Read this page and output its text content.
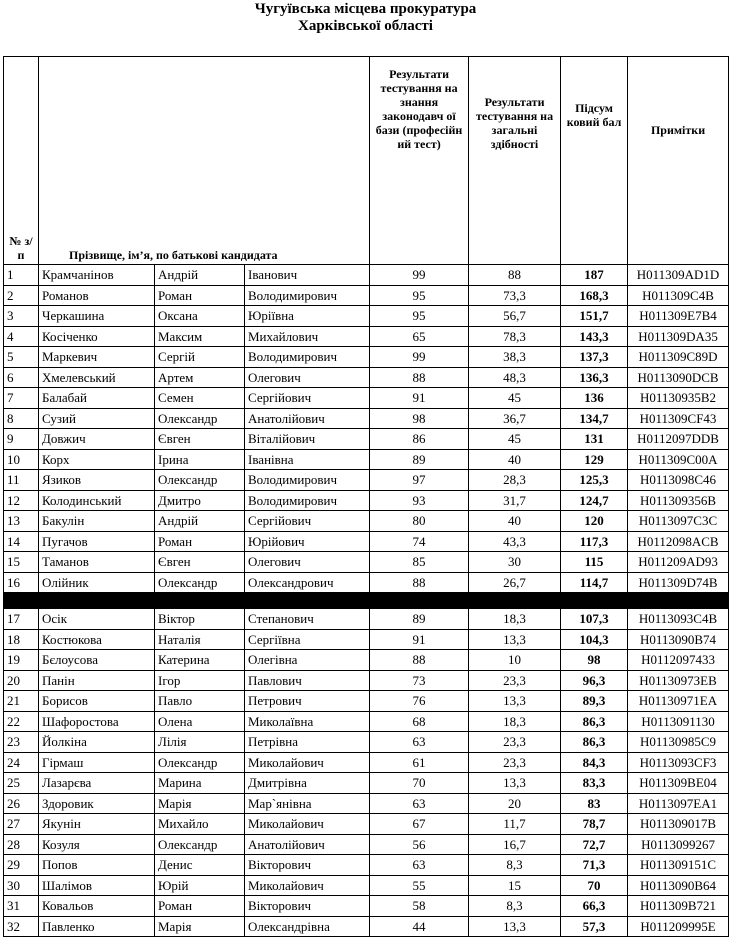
Чугуївська місцева прокуратура
Харківської області
№ з/п	Прізвище, ім’я, по батькові кандидата			Результати тестування на знання законодавч ої бази (професійн ий тест)	Результати тестування на загальні здібності	Підсум ковий бал	Примітки
1	Крамчанінов	Андрій	Іванович	99	88	187	Н011309AD1D
2	Романов	Роман	Володимирович	95	73,3	168,3	Н011309C4B
3	Черкашина	Оксана	Юріївна	95	56,7	151,7	Н011309E7B4
4	Косіченко	Максим	Михайлович	65	78,3	143,3	Н011309DA35
5	Маркевич	Сергій	Володимирович	99	38,3	137,3	Н011309C89D
6	Хмелевський	Артем	Олегович	88	48,3	136,3	Н0113090DCB
7	Балабай	Семен	Сергійович	91	45	136	Н01130935B2
8	Сузий	Олександр	Анатолійович	98	36,7	134,7	Н011309CF43
9	Довжич	Євген	Віталійович	86	45	131	Н0112097DDB
10	Корх	Ірина	Іванівна	89	40	129	Н011309C00A
11	Язиков	Олександр	Володимирович	97	28,3	125,3	Н0113098C46
12	Колодинський	Дмитро	Володимирович	93	31,7	124,7	Н011309356B
13	Бакулін	Андрій	Сергійович	80	40	120	Н0113097C3C
14	Пугачов	Роман	Юрійович	74	43,3	117,3	Н0112098ACB
15	Таманов	Євген	Олегович	85	30	115	Н011209AD93
16	Олійник	Олександр	Олександрович	88	26,7	114,7	Н011309D74B

17	Осік	Віктор	Степанович	89	18,3	107,3	Н0113093C4B
18	Костюкова	Наталія	Сергіївна	91	13,3	104,3	Н0113090B74
19	Бєлоусова	Катерина	Олегівна	88	10	98	Н0112097433
20	Панін	Ігор	Павлович	73	23,3	96,3	Н0113097ЗЕВ
21	Борисов	Павло	Петрович	76	13,3	89,3	Н01130971ЕА
22	Шафоростова	Олена	Миколаївна	68	18,3	86,3	Н0113091130
23	Йолкіна	Лілія	Петрівна	63	23,3	86,3	Н01130985C9
24	Гірмаш	Олександр	Миколайович	61	23,3	84,3	Н0113093CF3
25	Лазарєва	Марина	Дмитрівна	70	13,3	83,3	Н011309BE04
26	Здоровик	Марія	Мар`янівна	63	20	83	Н0113097EA1
27	Якунін	Михайло	Миколайович	67	11,7	78,7	Н011309017B
28	Козуля	Олександр	Анатолійович	56	16,7	72,7	Н0113099267
29	Попов	Денис	Вікторович	63	8,3	71,3	Н011309151C
30	Шалімов	Юрій	Миколайович	55	15	70	Н0113090B64
31	Ковальов	Роман	Вікторович	58	8,3	66,3	Н011309B721
32	Павленко	Марія	Олександрівна	44	13,3	57,3	Н011209995E
